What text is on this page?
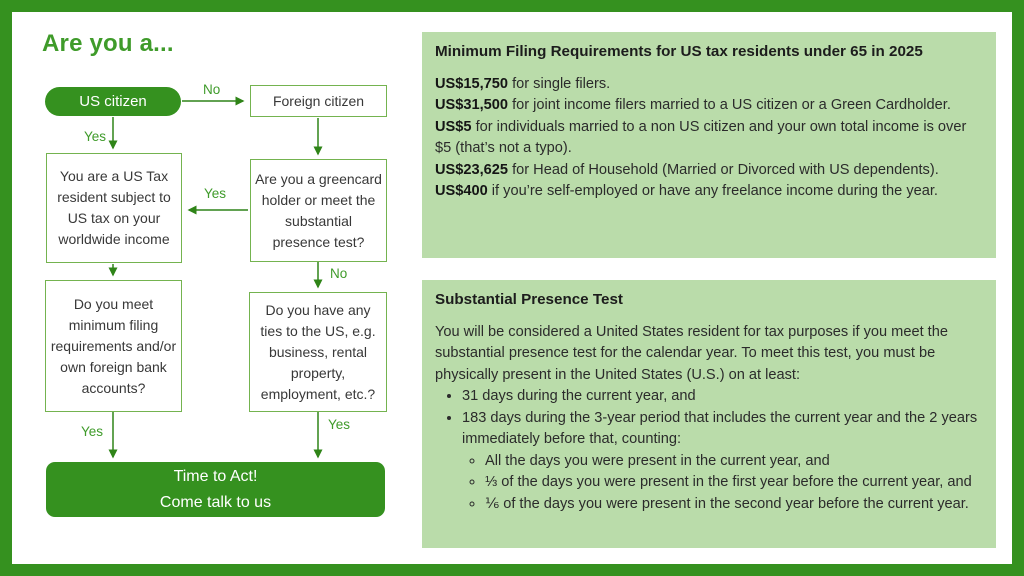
Are you a...
US citizen	Foreign citizen
You are a US Tax resident subject to US tax on your worldwide income
Are you a greencard holder or meet the substantial presence test?
Do you meet minimum filing requirements and/or own foreign bank accounts?
Do you have any ties to the US, e.g. business, rental property, employment, etc.?
Time to Act!
Come talk to us
No
Yes
Yes
No
Yes	Yes
Minimum Filing Requirements for US tax residents under 65 in 2025

US$15,750 for single filers.

US$31,500 for joint income filers married to a US citizen or a Green Cardholder.

US$5 for individuals married to a non US citizen and your own total income is over $5 (that’s not a typo).

US$23,625 for Head of Household (Married or Divorced with US dependents).

US$400 if you’re self-employed or have any freelance income during the year.

Substantial Presence Test

You will be considered a United States resident for tax purposes if you meet the substantial presence test for the calendar year. To meet this test, you must be physically present in the United States (U.S.) on at least:

• 31 days during the current year, and
• 183 days during the 3-year period that includes the current year and the 2 years immediately before that, counting:
◦ All the days you were present in the current year, and
◦ ⅓ of the days you were present in the first year before the current year, and
◦ ⅙ of the days you were present in the second year before the current year.
